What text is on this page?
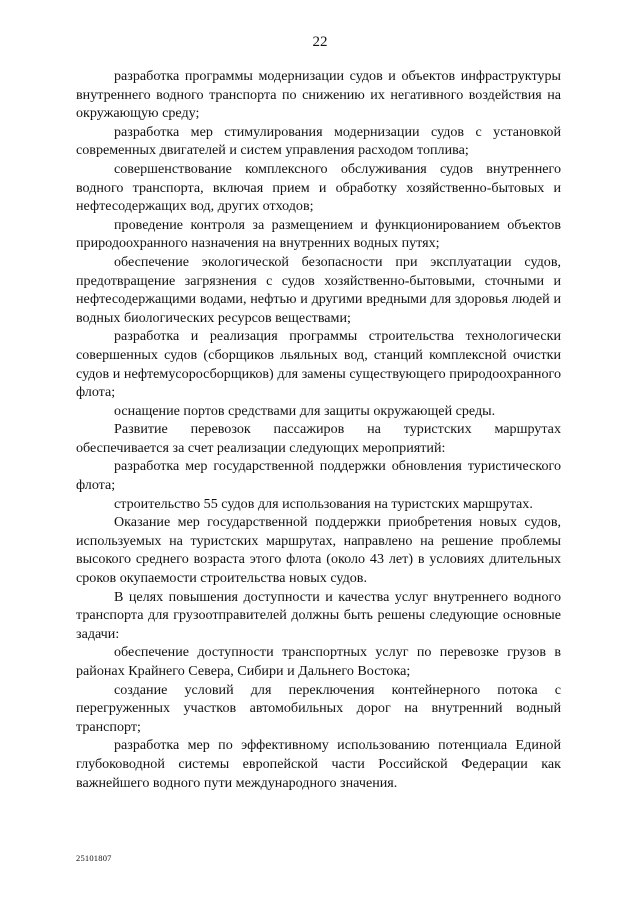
22

разработка программы модернизации судов и объектов инфраструктуры внутреннего водного транспорта по снижению их негативного воздействия на окружающую среду;

разработка мер стимулирования модернизации судов с установкой современных двигателей и систем управления расходом топлива;

совершенствование комплексного обслуживания судов внутреннего водного транспорта, включая прием и обработку хозяйственно-бытовых и нефтесодержащих вод, других отходов;

проведение контроля за размещением и функционированием объектов природоохранного назначения на внутренних водных путях;

обеспечение экологической безопасности при эксплуатации судов, предотвращение загрязнения с судов хозяйственно-бытовыми, сточными и нефтесодержащими водами, нефтью и другими вредными для здоровья людей и водных биологических ресурсов веществами;

разработка и реализация программы строительства технологически совершенных судов (сборщиков льяльных вод, станций комплексной очистки судов и нефтемусоросборщиков) для замены существующего природоохранного флота;

оснащение портов средствами для защиты окружающей среды.

Развитие перевозок пассажиров на туристских маршрутах обеспечивается за счет реализации следующих мероприятий:

разработка мер государственной поддержки обновления туристического флота;

строительство 55 судов для использования на туристских маршрутах.

Оказание мер государственной поддержки приобретения новых судов, используемых на туристских маршрутах, направлено на решение проблемы высокого среднего возраста этого флота (около 43 лет) в условиях длительных сроков окупаемости строительства новых судов.

В целях повышения доступности и качества услуг внутреннего водного транспорта для грузоотправителей должны быть решены следующие основные задачи:

обеспечение доступности транспортных услуг по перевозке грузов в районах Крайнего Севера, Сибири и Дальнего Востока;

создание условий для переключения контейнерного потока с перегруженных участков автомобильных дорог на внутренний водный транспорт;

разработка мер по эффективному использованию потенциала Единой глубоководной системы европейской части Российской Федерации как важнейшего водного пути международного значения.

25101807
